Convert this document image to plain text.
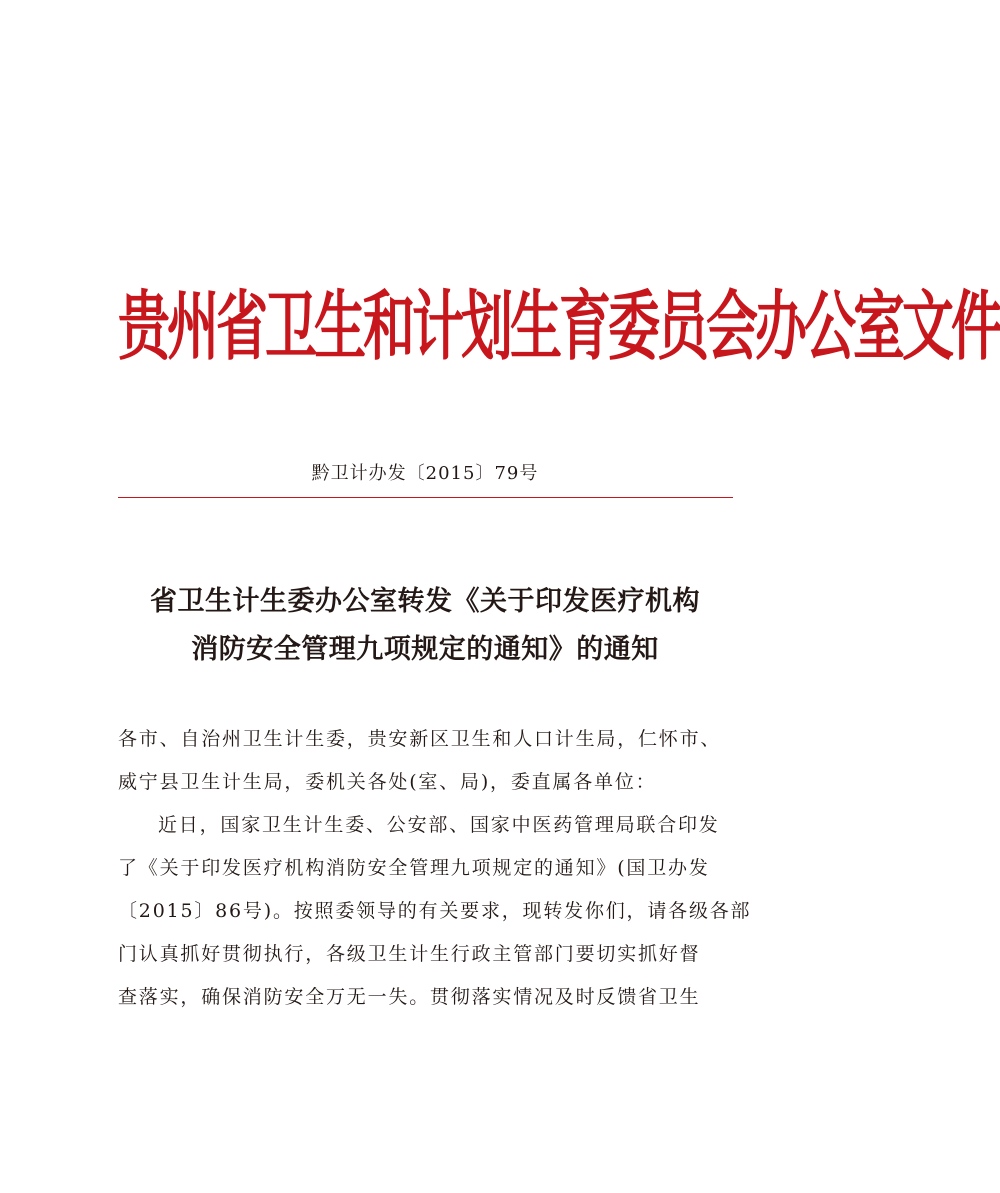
贵州省卫生和计划生育委员会办公室文件
黔卫计办发〔2015〕79号
省卫生计生委办公室转发《关于印发医疗机构
消防安全管理九项规定的通知》的通知
各市、自治州卫生计生委，贵安新区卫生和人口计生局，仁怀市、
威宁县卫生计生局，委机关各处(室、局)，委直属各单位：
近日，国家卫生计生委、公安部、国家中医药管理局联合印发
了《关于印发医疗机构消防安全管理九项规定的通知》(国卫办发
〔2015〕86号)。按照委领导的有关要求，现转发你们，请各级各部
门认真抓好贯彻执行，各级卫生计生行政主管部门要切实抓好督
查落实，确保消防安全万无一失。贯彻落实情况及时反馈省卫生
